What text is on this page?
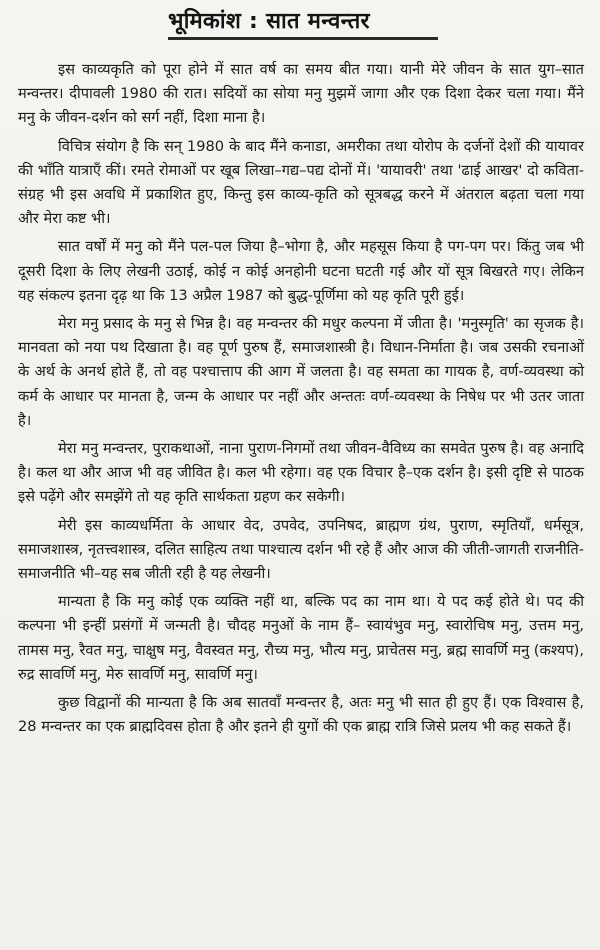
भूमिकांश : सात मन्वन्तर

इस काव्यकृति को पूरा होने में सात वर्ष का समय बीत गया। यानी मेरे जीवन के सात युग–सात मन्वन्तर। दीपावली 1980 की रात। सदियों का सोया मनु मुझमें जागा और एक दिशा देकर चला गया। मैंने मनु के जीवन-दर्शन को सर्ग नहीं, दिशा माना है।

विचित्र संयोग है कि सन् 1980 के बाद मैंने कनाडा, अमरीका तथा योरोप के दर्जनों देशों की यायावर की भाँति यात्राएँ कीं। रमते रोमाओं पर खूब लिखा–गद्य–पद्य दोनों में। 'यायावरी' तथा 'ढाई आखर' दो कविता-संग्रह भी इस अवधि में प्रकाशित हुए, किन्तु इस काव्य-कृति को सूत्रबद्ध करने में अंतराल बढ़ता चला गया और मेरा कष्ट भी।

सात वर्षों में मनु को मैंने पल-पल जिया है–भोगा है, और महसूस किया है पग-पग पर। किंतु जब भी दूसरी दिशा के लिए लेखनी उठाई, कोई न कोई अनहोनी घटना घटती गई और यों सूत्र बिखरते गए। लेकिन यह संकल्प इतना दृढ़ था कि 13 अप्रैल 1987 को बुद्ध-पूर्णिमा को यह कृति पूरी हुई।

मेरा मनु प्रसाद के मनु से भिन्न है। वह मन्वन्तर की मधुर कल्पना में जीता है। 'मनुस्मृति' का सृजक है। मानवता को नया पथ दिखाता है। वह पूर्ण पुरुष हैं, समाजशास्त्री है। विधान-निर्माता है। जब उसकी रचनाओं के अर्थ के अनर्थ होते हैं, तो वह पश्चात्ताप की आग में जलता है। वह समता का गायक है, वर्ण-व्यवस्था को कर्म के आधार पर मानता है, जन्म के आधार पर नहीं और अन्ततः वर्ण-व्यवस्था के निषेध पर भी उतर जाता है।

मेरा मनु मन्वन्तर, पुराकथाओं, नाना पुराण-निगमों तथा जीवन-वैविध्य का समवेत पुरुष है। वह अनादि है। कल था और आज भी वह जीवित है। कल भी रहेगा। वह एक विचार है–एक दर्शन है। इसी दृष्टि से पाठक इसे पढ़ेंगे और समझेंगे तो यह कृति सार्थकता ग्रहण कर सकेगी।

मेरी इस काव्यधर्मिता के आधार वेद, उपवेद, उपनिषद, ब्राह्मण ग्रंथ, पुराण, स्मृतियाँ, धर्मसूत्र, समाजशास्त्र, नृतत्त्वशास्त्र, दलित साहित्य तथा पाश्चात्य दर्शन भी रहे हैं और आज की जीती-जागती राजनीति-समाजनीति भी–यह सब जीती रही है यह लेखनी।

मान्यता है कि मनु कोई एक व्यक्ति नहीं था, बल्कि पद का नाम था। ये पद कई होते थे। पद की कल्पना भी इन्हीं प्रसंगों में जन्मती है। चौदह मनुओं के नाम हैं– स्वायंभुव मनु, स्वारोचिष मनु, उत्तम मनु, तामस मनु, रैवत मनु, चाक्षुष मनु, वैवस्वत मनु, रौच्य मनु, भौत्य मनु, प्राचेतस मनु, ब्रह्म सावर्णि मनु (कश्यप), रुद्र सावर्णि मनु, मेरु सावर्णि मनु, सावर्णि मनु।

कुछ विद्वानों की मान्यता है कि अब सातवाँ मन्वन्तर है, अतः मनु भी सात ही हुए हैं। एक विश्वास है, 28 मन्वन्तर का एक ब्राह्मदिवस होता है और इतने ही युगों की एक ब्राह्म रात्रि जिसे प्रलय भी कह सकते हैं।
